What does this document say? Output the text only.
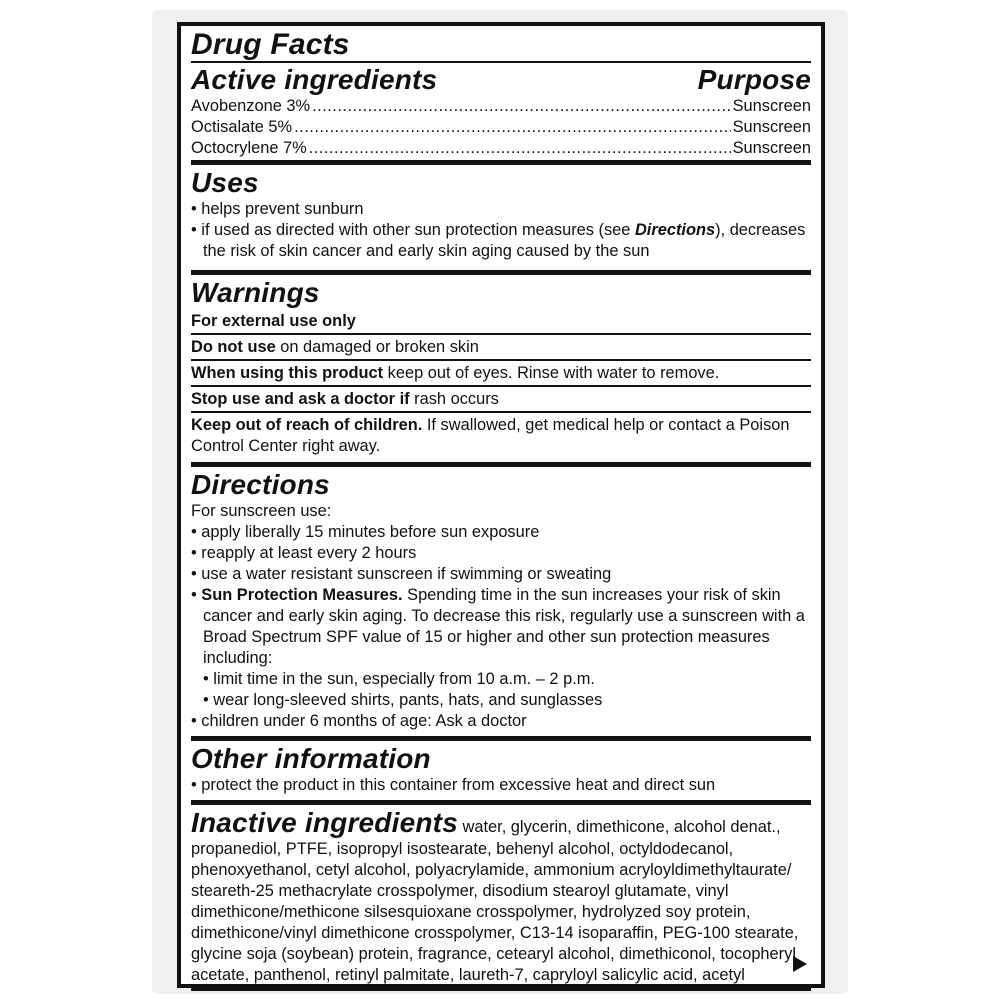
Drug Facts
Active ingredients	Purpose
Avobenzone 3% .....	Sunscreen
Octisalate 5% .....	Sunscreen
Octocrylene 7% .....	Sunscreen
Uses
• helps prevent sunburn
• if used as directed with other sun protection measures (see Directions), decreases the risk of skin cancer and early skin aging caused by the sun
Warnings
For external use only
Do not use on damaged or broken skin
When using this product keep out of eyes. Rinse with water to remove.
Stop use and ask a doctor if rash occurs
Keep out of reach of children. If swallowed, get medical help or contact a Poison Control Center right away.
Directions
For sunscreen use:
• apply liberally 15 minutes before sun exposure
• reapply at least every 2 hours
• use a water resistant sunscreen if swimming or sweating
• Sun Protection Measures. Spending time in the sun increases your risk of skin cancer and early skin aging. To decrease this risk, regularly use a sunscreen with a Broad Spectrum SPF value of 15 or higher and other sun protection measures including:
• limit time in the sun, especially from 10 a.m. – 2 p.m.
• wear long-sleeved shirts, pants, hats, and sunglasses
• children under 6 months of age: Ask a doctor
Other information
• protect the product in this container from excessive heat and direct sun
Inactive ingredients water, glycerin, dimethicone, alcohol denat., propanediol, PTFE, isopropyl isostearate, behenyl alcohol, octyldodecanol, phenoxyethanol, cetyl alcohol, polyacrylamide, ammonium acryloyldimethyltaurate/ steareth-25 methacrylate crosspolymer, disodium stearoyl glutamate, vinyl dimethicone/methicone silsesquioxane crosspolymer, hydrolyzed soy protein, dimethicone/vinyl dimethicone crosspolymer, C13-14 isoparaffin, PEG-100 stearate, glycine soja (soybean) protein, fragrance, cetearyl alcohol, dimethiconol, tocopheryl acetate, panthenol, retinyl palmitate, laureth-7, capryloyl salicylic acid, acetyl
